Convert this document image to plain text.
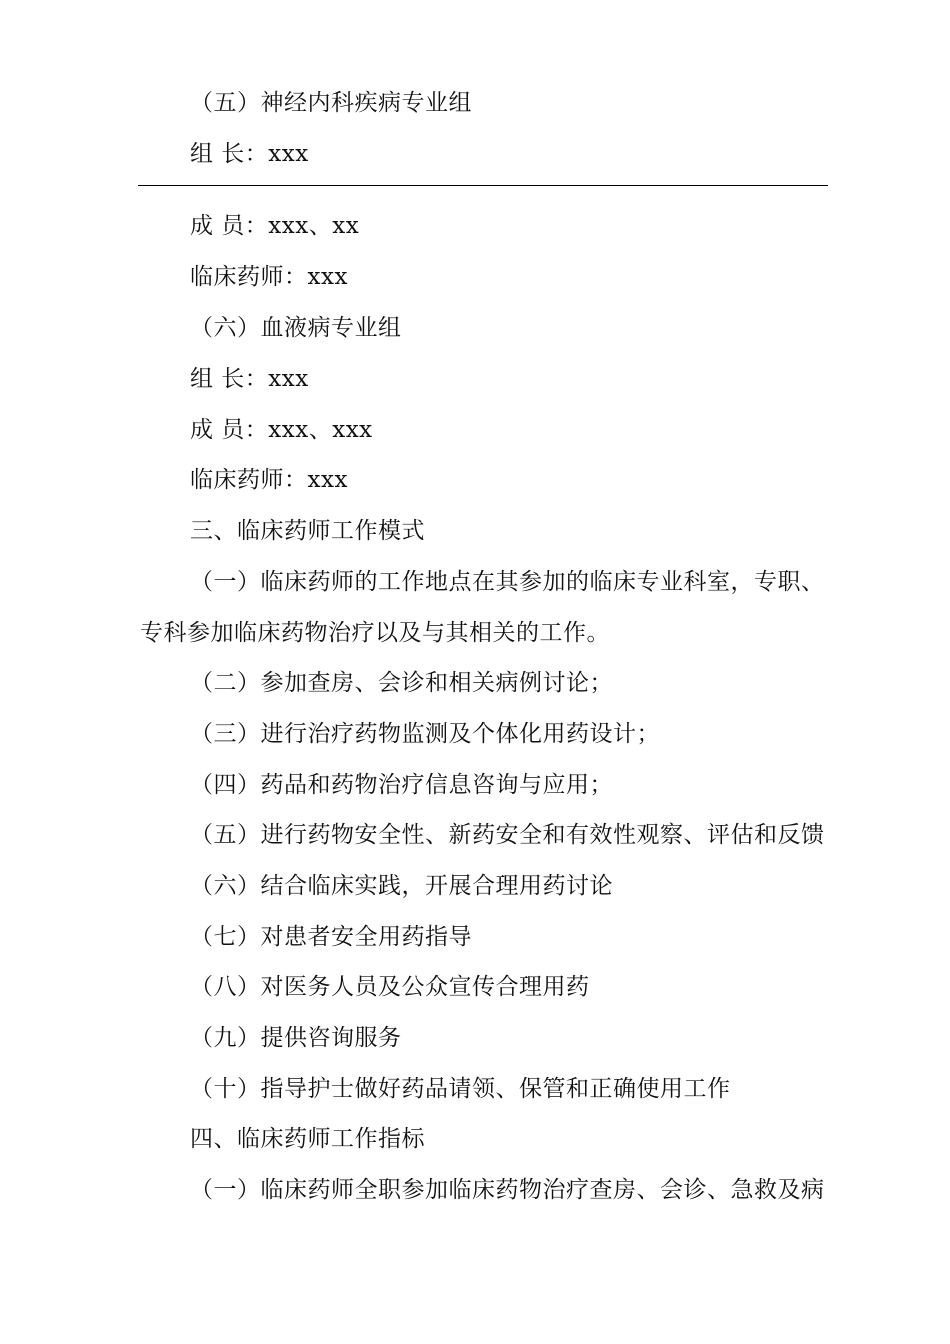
（五）神经内科疾病专业组
组 长：xxx
成 员：xxx、xx
临床药师：xxx
（六）血液病专业组
组 长：xxx
成 员：xxx、xxx
临床药师：xxx
三、临床药师工作模式
（一）临床药师的工作地点在其参加的临床专业科室，专职、
专科参加临床药物治疗以及与其相关的工作。
（二）参加查房、会诊和相关病例讨论；
（三）进行治疗药物监测及个体化用药设计；
（四）药品和药物治疗信息咨询与应用；
（五）进行药物安全性、新药安全和有效性观察、评估和反馈
（六）结合临床实践，开展合理用药讨论
（七）对患者安全用药指导
（八）对医务人员及公众宣传合理用药
（九）提供咨询服务
（十）指导护士做好药品请领、保管和正确使用工作
四、临床药师工作指标
（一）临床药师全职参加临床药物治疗查房、会诊、急救及病
